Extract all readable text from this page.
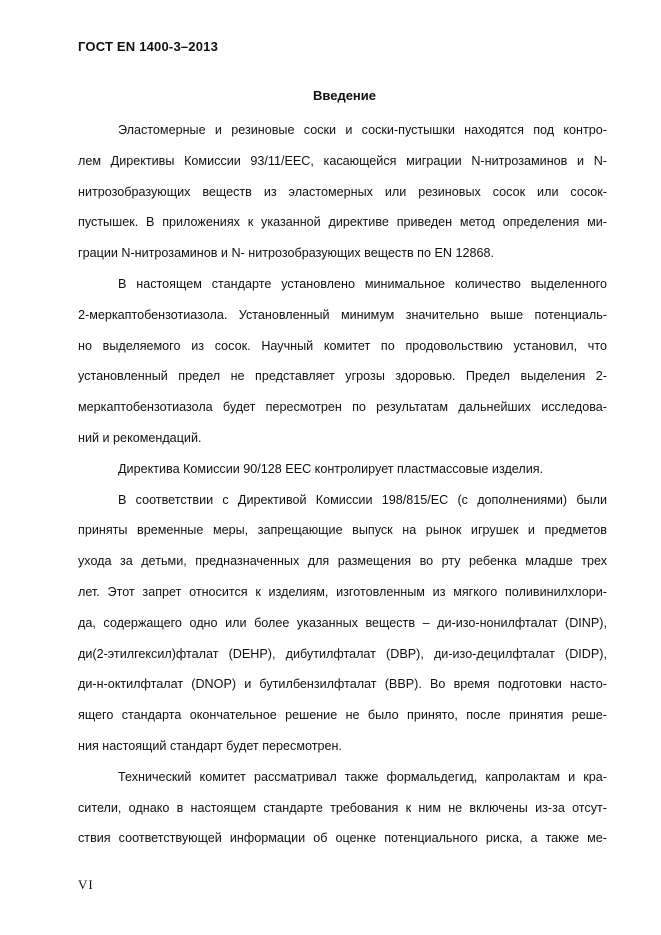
ГОСТ EN 1400-3–2013
Введение
Эластомерные и резиновые соски и соски-пустышки находятся под контро-
лем Директивы Комиссии 93/11/EEC, касающейся миграции N-нитрозаминов и N-
нитрозобразующих веществ из эластомерных или резиновых сосок или сосок-
пустышек. В приложениях к указанной директиве приведен метод определения ми-
грации N-нитрозаминов и N- нитрозобразующих веществ по EN 12868.
В настоящем стандарте установлено минимальное количество выделенного
2-меркаптобензотиазола. Установленный минимум значительно выше потенциаль-
но выделяемого из сосок. Научный комитет по продовольствию установил, что
установленный предел не представляет угрозы здоровью. Предел выделения 2-
меркаптобензотиазола будет пересмотрен по результатам дальнейших исследова-
ний и рекомендаций.
Директива Комиссии 90/128 EEC контролирует пластмассовые изделия.
В соответствии с Директивой Комиссии 198/815/EC (с дополнениями) были
приняты временные меры, запрещающие выпуск на рынок игрушек и предметов
ухода за детьми, предназначенных для размещения во рту ребенка младше трех
лет. Этот запрет относится к изделиям, изготовленным из мягкого поливинилхлори-
да, содержащего одно или более указанных веществ – ди-изо-нонилфталат (DINP),
ди(2-этилгексил)фталат (DEHP), дибутилфталат (DBP), ди-изо-децилфталат (DIDP),
ди-н-октилфталат (DNOP) и бутилбензилфталат (BBP). Во время подготовки насто-
ящего стандарта окончательное решение не было принято, после принятия реше-
ния настоящий стандарт будет пересмотрен.
Технический комитет рассматривал также формальдегид, капролактам и кра-
сители, однако в настоящем стандарте требования к ним не включены из-за отсут-
ствия соответствующей информации об оценке потенциального риска, а также ме-
VI
